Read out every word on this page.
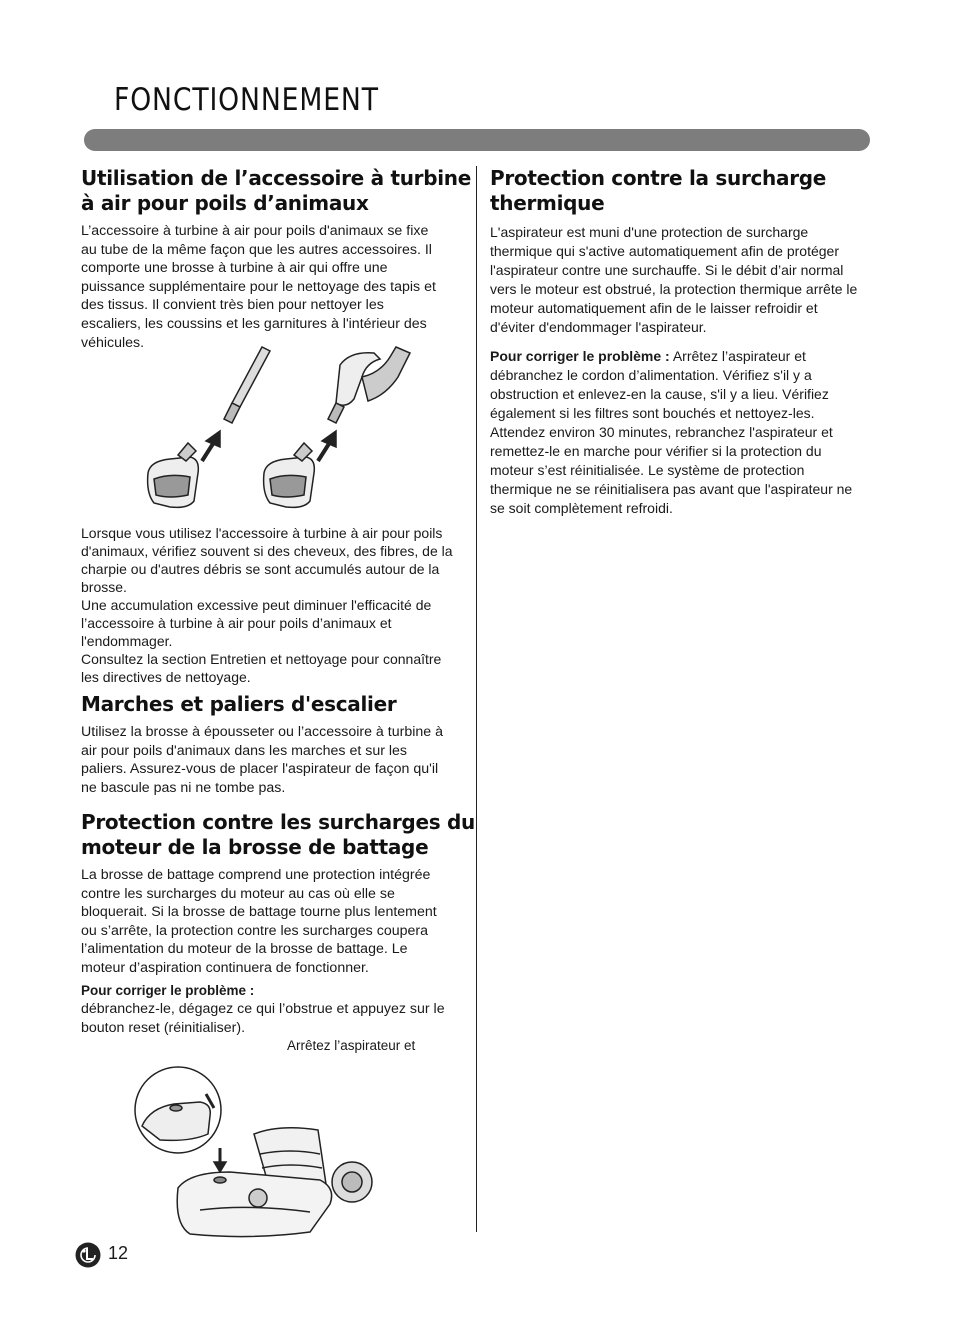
FONCTIONNEMENT
Utilisation de l’accessoire à turbine à air pour poils d’animaux

L’accessoire à turbine à air pour poils d'animaux se fixe au tube de la même façon que les autres accessoires. Il comporte une brosse à turbine à air qui offre une puissance supplémentaire pour le nettoyage des tapis et des tissus. Il convient très bien pour nettoyer les escaliers, les coussins et les garnitures à l'intérieur des véhicules.

Lorsque vous utilisez l'accessoire à turbine à air pour poils d'animaux, vérifiez souvent si des cheveux, des fibres, de la charpie ou d'autres débris se sont accumulés autour de la brosse.

Une accumulation excessive peut diminuer l'efficacité de l’accessoire à turbine à air pour poils d’animaux et l'endommager.

Consultez la section Entretien et nettoyage pour connaître les directives de nettoyage.

Marches et paliers d'escalier

Utilisez la brosse à épousseter ou l’accessoire à turbine à air pour poils d'animaux dans les marches et sur les paliers. Assurez-vous de placer l'aspirateur de façon qu'il ne bascule pas ni ne tombe pas.

Protection contre les surcharges du moteur de la brosse de battage

La brosse de battage comprend une protection intégrée contre les surcharges du moteur au cas où elle se bloquerait. Si la brosse de battage tourne plus lentement ou s’arrête, la protection contre les surcharges coupera l’alimentation du moteur de la brosse de battage. Le moteur d’aspiration continuera de fonctionner.

Pour corriger le problème :

débranchez-le, dégagez ce qui l’obstrue et appuyez sur le bouton reset (réinitialiser).

Arrêtez l’aspirateur et
Protection contre la surcharge thermique

L'aspirateur est muni d'une protection de surcharge thermique qui s'active automatiquement afin de protéger l'aspirateur contre une surchauffe. Si le débit d’air normal vers le moteur est obstrué, la protection thermique arrête le moteur automatiquement afin de le laisser refroidir et d'éviter d'endommager l'aspirateur.

Pour corriger le problème : Arrêtez l’aspirateur et débranchez le cordon d’alimentation. Vérifiez s'il y a obstruction et enlevez-en la cause, s'il y a lieu. Vérifiez également si les filtres sont bouchés et nettoyez-les. Attendez environ 30 minutes, rebranchez l'aspirateur et remettez-le en marche pour vérifier si la protection du moteur s’est réinitialisée. Le système de protection thermique ne se réinitialisera pas avant que l'aspirateur ne se soit complètement refroidi.

12
